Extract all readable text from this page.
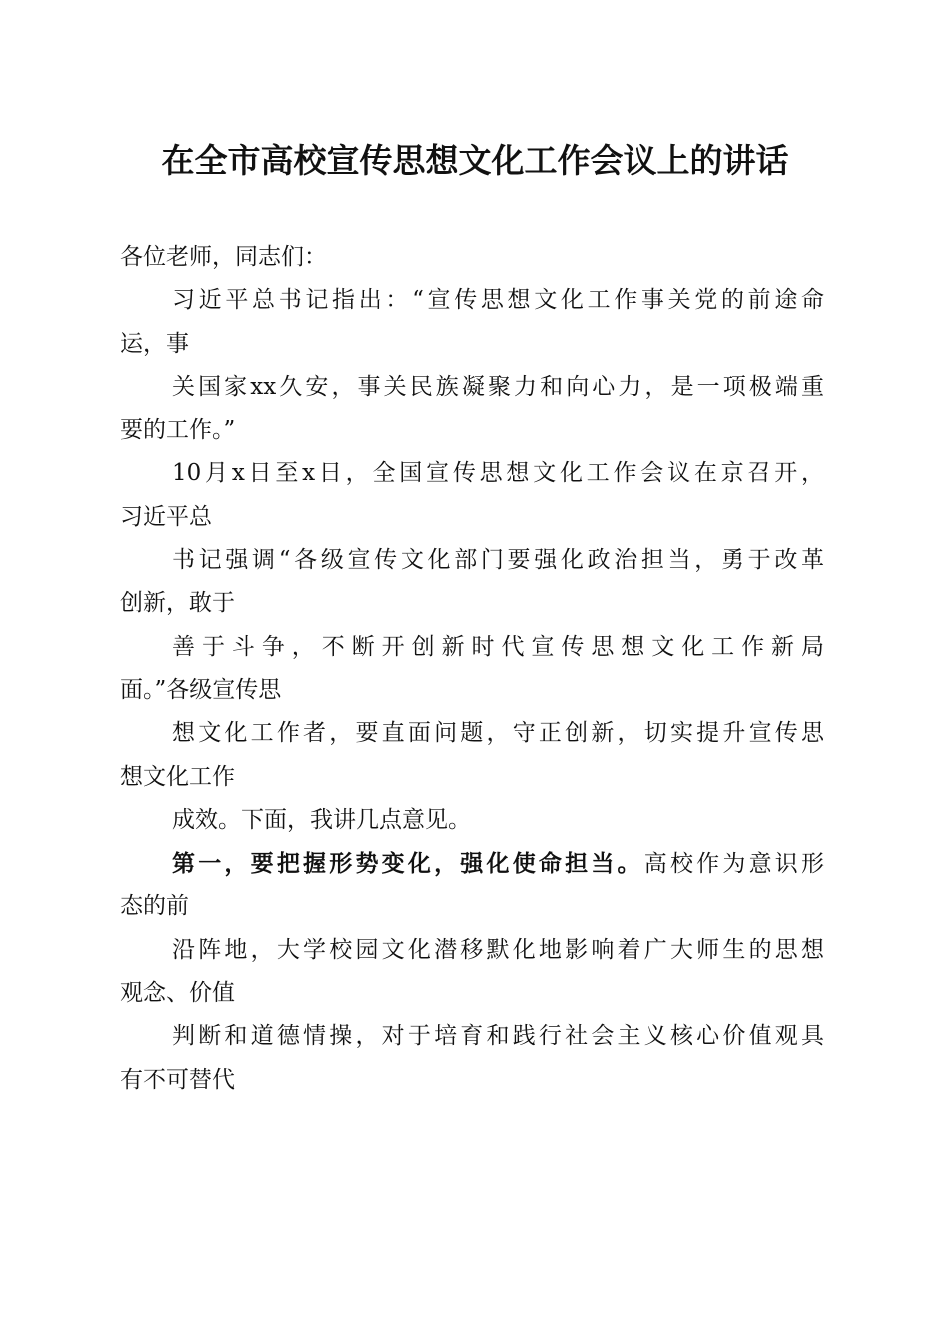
在全市高校宣传思想文化工作会议上的讲话
各位老师，同志们：
习近平总书记指出：“宣传思想文化工作事关党的前途命
运，事
关国家xx久安，事关民族凝聚力和向心力，是一项极端重
要的工作。”
10月x日至x日，全国宣传思想文化工作会议在京召开，
习近平总
书记强调“各级宣传文化部门要强化政治担当，勇于改革
创新，敢于
善于斗争，不断开创新时代宣传思想文化工作新局
面。”各级宣传思
想文化工作者，要直面问题，守正创新，切实提升宣传思
想文化工作
成效。下面，我讲几点意见。
第一，要把握形势变化，强化使命担当。高校作为意识形
态的前
沿阵地，大学校园文化潜移默化地影响着广大师生的思想
观念、价值
判断和道德情操，对于培育和践行社会主义核心价值观具
有不可替代
